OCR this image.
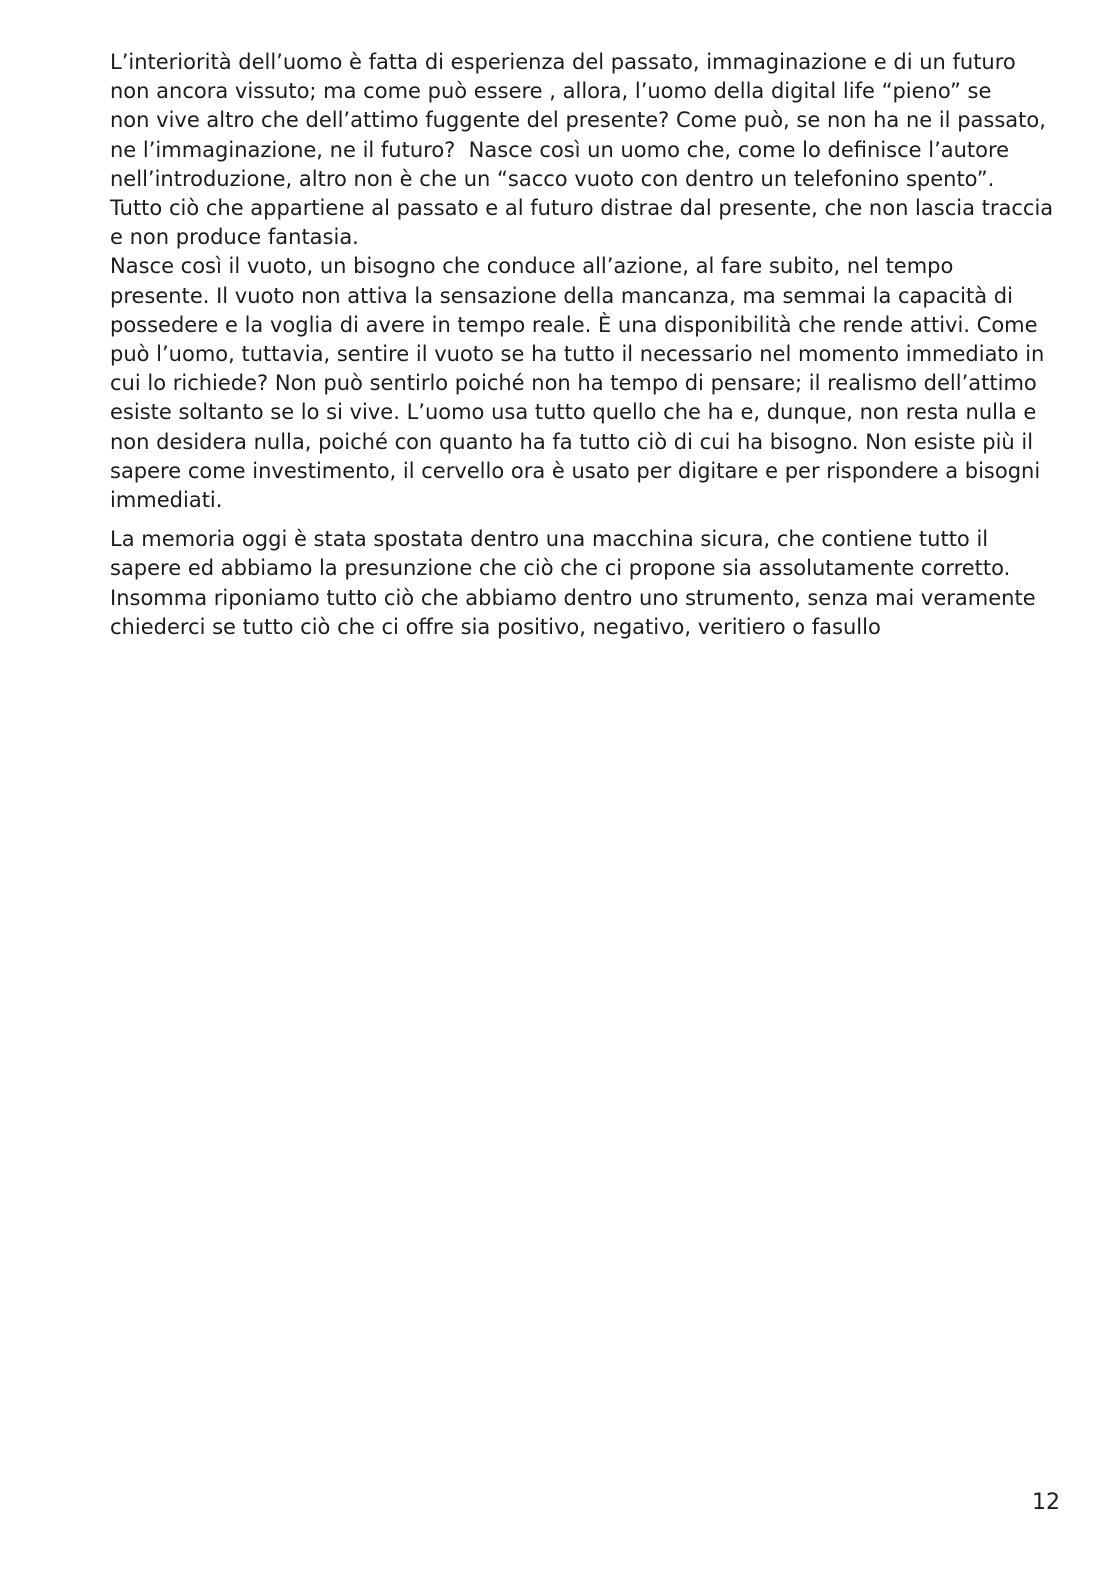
L’interiorità dell’uomo è fatta di esperienza del passato, immaginazione e di un futuro
non ancora vissuto; ma come può essere , allora, l’uomo della digital life “pieno” se
non vive altro che dell’attimo fuggente del presente? Come può, se non ha ne il passato,
ne l’immaginazione, ne il futuro?  Nasce così un uomo che, come lo definisce l’autore
nell’introduzione, altro non è che un “sacco vuoto con dentro un telefonino spento”.
Tutto ciò che appartiene al passato e al futuro distrae dal presente, che non lascia traccia
e non produce fantasia.

Nasce così il vuoto, un bisogno che conduce all’azione, al fare subito, nel tempo
presente. Il vuoto non attiva la sensazione della mancanza, ma semmai la capacità di
possedere e la voglia di avere in tempo reale. È una disponibilità che rende attivi. Come
può l’uomo, tuttavia, sentire il vuoto se ha tutto il necessario nel momento immediato in
cui lo richiede? Non può sentirlo poiché non ha tempo di pensare; il realismo dell’attimo
esiste soltanto se lo si vive. L’uomo usa tutto quello che ha e, dunque, non resta nulla e
non desidera nulla, poiché con quanto ha fa tutto ciò di cui ha bisogno. Non esiste più il
sapere come investimento, il cervello ora è usato per digitare e per rispondere a bisogni
immediati.

La memoria oggi è stata spostata dentro una macchina sicura, che contiene tutto il
sapere ed abbiamo la presunzione che ciò che ci propone sia assolutamente corretto.
Insomma riponiamo tutto ciò che abbiamo dentro uno strumento, senza mai veramente
chiederci se tutto ciò che ci offre sia positivo, negativo, veritiero o fasullo

12
